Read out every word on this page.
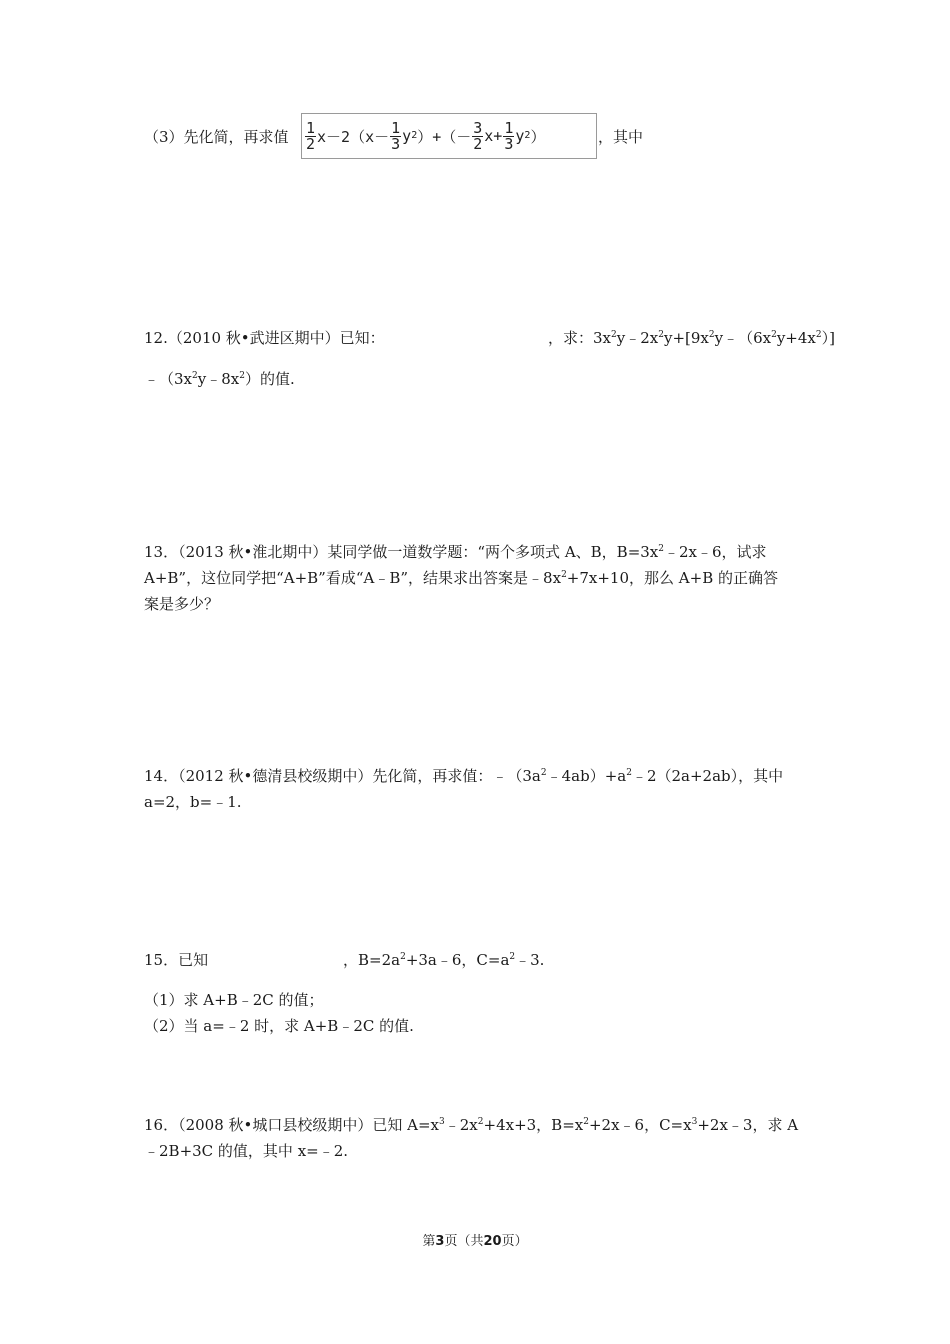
（3）先化简，再求值 $\frac{1}{2} x-2(x- \frac{1}{3}$ y 2 ）+（－ $\frac{3}{2} x+ \frac{1}{3}$ y 2 ）	，其中
12.（2010 秋•武进区期中）已知：	，求：$3x^2y﹣2x^2y+[9x^2y﹣(6x^2y+4x^2)]$
$﹣(3x^2y﹣8x^2)$的值.
13．（2013 秋•淮北期中）某同学做一道数学题：“两个多项式 A、B，$B=3x^2﹣2x﹣6$，试求
A+B”，这位同学把“A+B”看成“A﹣B”，结果求出答案是$﹣8x^2+7x+10$，那么 A+B 的正确答
案是多少？
14．（2012 秋•德清县校级期中）先化简，再求值：$﹣(3a^2﹣4ab)+a^2﹣2(2a+2ab)$，其中
a=2，b=﹣1.
15．已知	，$B=2a^2+3a﹣6$，$C=a^2﹣3$.
（1）求 A+B﹣2C 的值；
（2）当 a=﹣2 时，求 A+B﹣2C 的值.
16．（2008 秋•城口县校级期中）已知 $A=x^3﹣2x^2+4x+3$，$B=x^2+2x﹣6$，$C=x^3+2x﹣3$，求 A
﹣2B+3C 的值，其中 x=﹣2.
第3页（共20页）
